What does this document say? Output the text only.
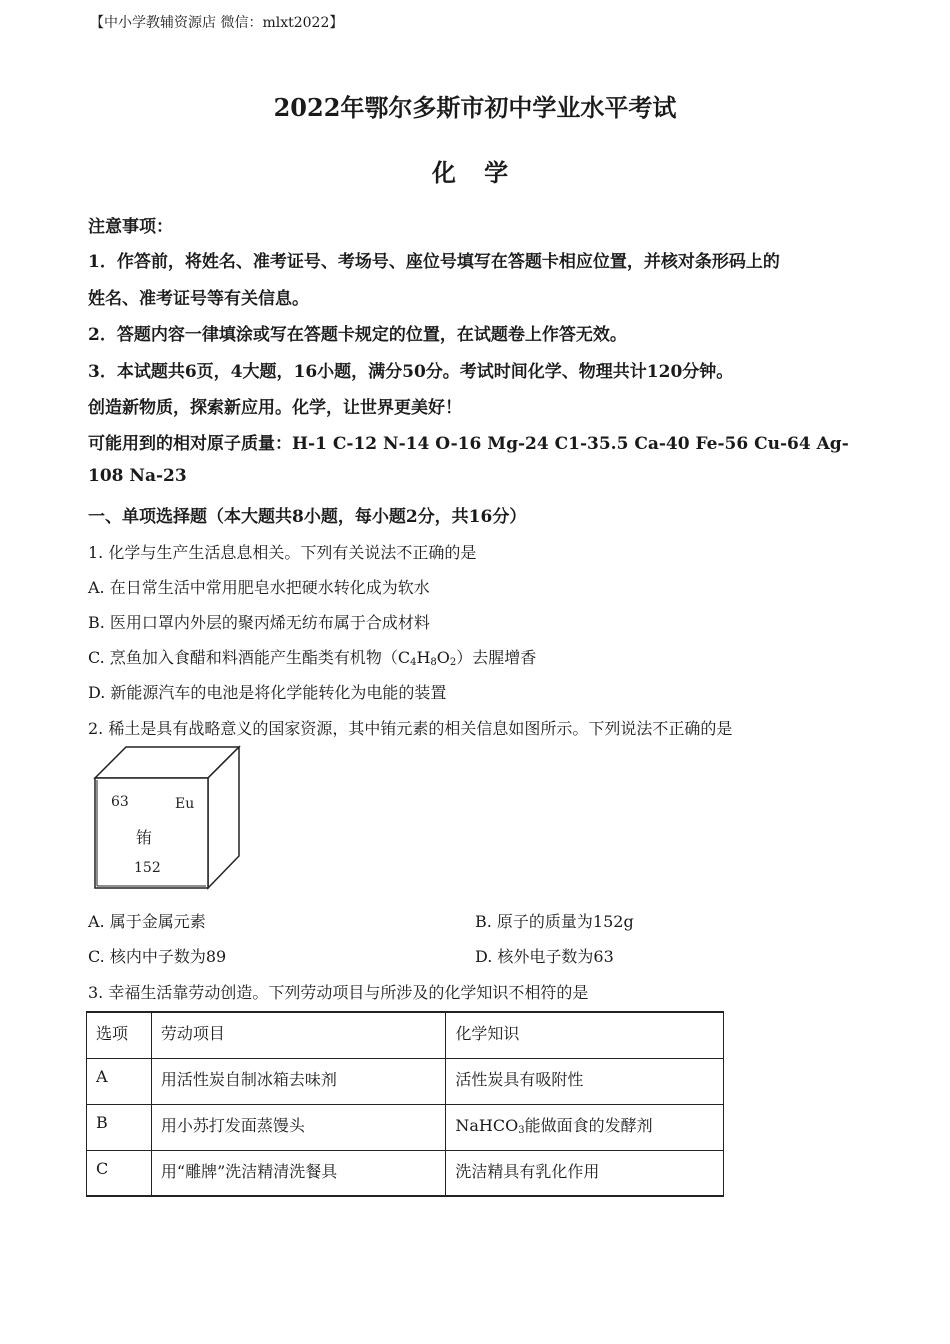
【中小学教辅资源店 微信：mlxt2022】
2022年鄂尔多斯市初中学业水平考试
化 学
注意事项：
1．作答前，将姓名、准考证号、考场号、座位号填写在答题卡相应位置，并核对条形码上的
姓名、准考证号等有关信息。
2．答题内容一律填涂或写在答题卡规定的位置，在试题卷上作答无效。
3．本试题共6页，4大题，16小题，满分50分。考试时间化学、物理共计120分钟。
创造新物质，探索新应用。化学，让世界更美好！
可能用到的相对原子质量：H-1 C-12 N-14 O-16 Mg-24 C1-35.5 Ca-40 Fe-56 Cu-64 Ag-
108 Na-23
一、单项选择题（本大题共8小题，每小题2分，共16分）
1. 化学与生产生活息息相关。下列有关说法不正确的是
A. 在日常生活中常用肥皂水把硬水转化成为软水
B. 医用口罩内外层的聚丙烯无纺布属于合成材料
C. 烹鱼加入食醋和料酒能产生酯类有机物$(C_4H_8O_2)$去腥增香
D. 新能源汽车的电池是将化学能转化为电能的装置
2. 稀土是具有战略意义的国家资源，其中铕元素的相关信息如图所示。下列说法不正确的是
63	Eu
铕
152
A. 属于金属元素	B. 原子的质量为152g
C. 核内中子数为89	D. 核外电子数为63
3. 幸福生活靠劳动创造。下列劳动项目与所涉及的化学知识不相符的是
选项	劳动项目	化学知识
A	用活性炭自制冰箱去味剂	活性炭具有吸附性
B	用小苏打发面蒸馒头	NaHCO$_3$能做面食的发酵剂
C	用“雕牌”洗洁精清洗餐具	洗洁精具有乳化作用
